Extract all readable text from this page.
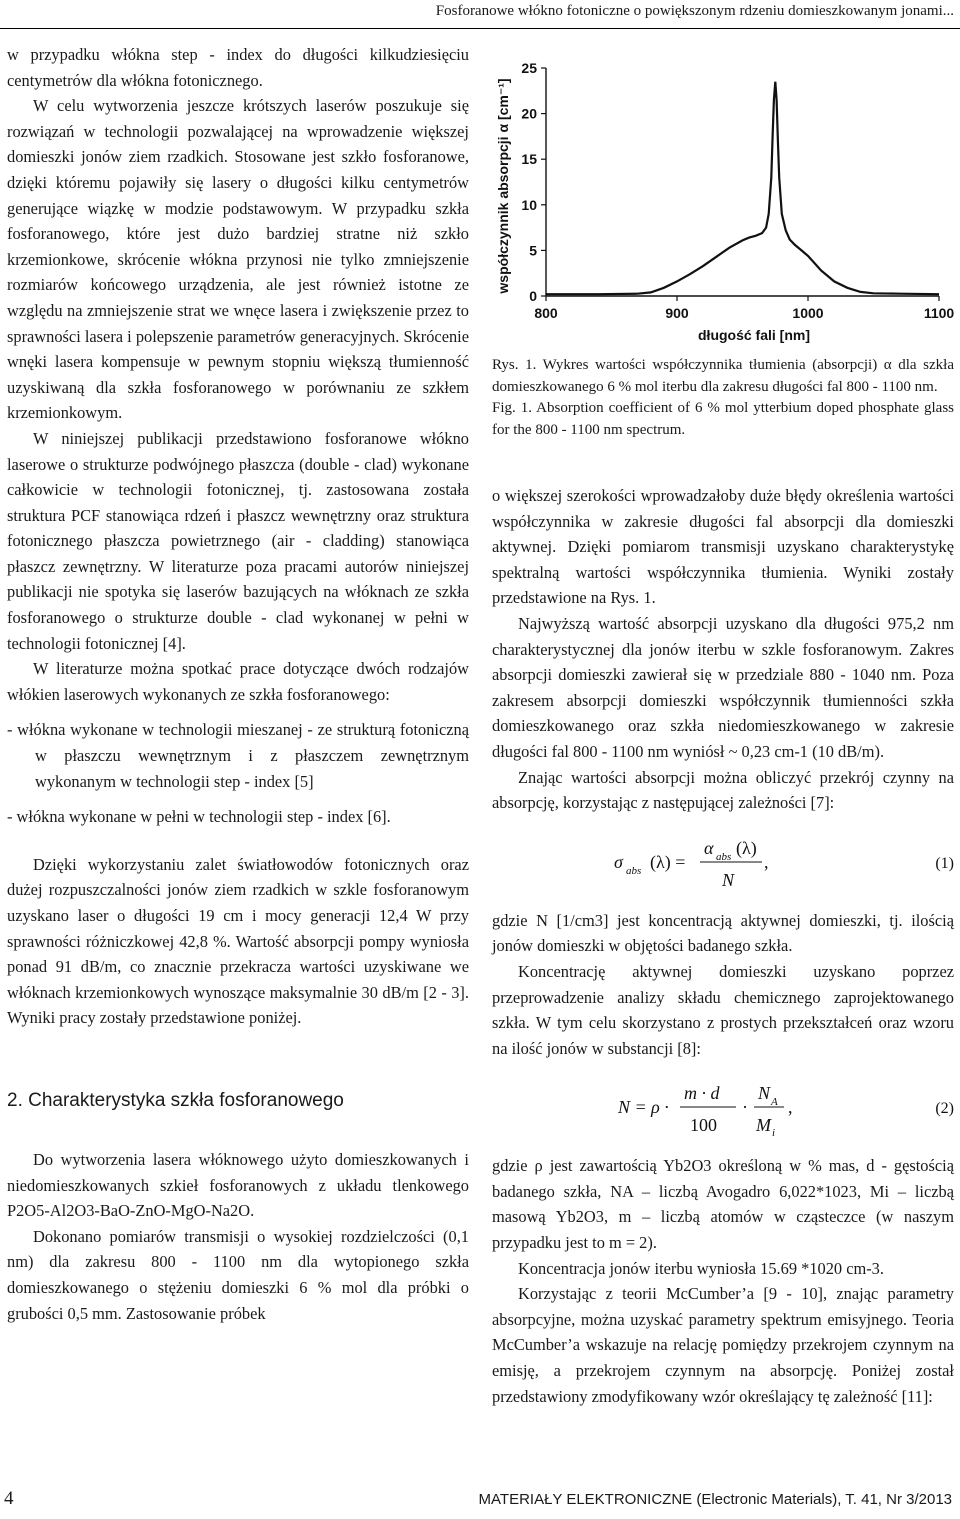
Fosforanowe włókno fotoniczne o powiększonym rdzeniu domieszkowanym jonami...

w przypadku włókna step - index do długości kilkudziesięciu centymetrów dla włókna fotonicznego.

W celu wytworzenia jeszcze krótszych laserów poszukuje się rozwiązań w technologii pozwalającej na wprowadzenie większej domieszki jonów ziem rzadkich. Stosowane jest szkło fosforanowe, dzięki któremu pojawiły się lasery o długości kilku centymetrów generujące wiązkę w modzie podstawowym. W przypadku szkła fosforanowego, które jest dużo bardziej stratne niż szkło krzemionkowe, skrócenie włókna przynosi nie tylko zmniejszenie rozmiarów końcowego urządzenia, ale jest również istotne ze względu na zmniejszenie strat we wnęce lasera i zwiększenie przez to sprawności lasera i polepszenie parametrów generacyjnych. Skrócenie wnęki lasera kompensuje w pewnym stopniu większą tłumienność uzyskiwaną dla szkła fosforanowego w porównaniu ze szkłem krzemionkowym.

W niniejszej publikacji przedstawiono fosforanowe włókno laserowe o strukturze podwójnego płaszcza (double - clad) wykonane całkowicie w technologii fotonicznej, tj. zastosowana została struktura PCF stanowiąca rdzeń i płaszcz wewnętrzny oraz struktura fotonicznego płaszcza powietrznego (air - cladding) stanowiąca płaszcz zewnętrzny. W literaturze poza pracami autorów niniejszej publikacji nie spotyka się laserów bazujących na włóknach ze szkła fosforanowego o strukturze double - clad wykonanej w pełni w technologii fotonicznej [4].

W literaturze można spotkać prace dotyczące dwóch rodzajów włókien laserowych wykonanych ze szkła fosforanowego:

- włókna wykonane w technologii mieszanej - ze strukturą fotoniczną w płaszczu wewnętrznym i z płaszczem zewnętrznym wykonanym w technologii step - index [5]

- włókna wykonane w pełni w technologii step - index [6].

Dzięki wykorzystaniu zalet światłowodów fotonicznych oraz dużej rozpuszczalności jonów ziem rzadkich w szkle fosforanowym uzyskano laser o długości 19 cm i mocy generacji 12,4 W przy sprawności różniczkowej 42,8 %. Wartość absorpcji pompy wyniosła ponad 91 dB/m, co znacznie przekracza wartości uzyskiwane we włóknach krzemionkowych wynoszące maksymalnie 30 dB/m [2 - 3]. Wyniki pracy zostały przedstawione poniżej.

2. Charakterystyka szkła fosforanowego

Do wytworzenia lasera włóknowego użyto domieszkowanych i niedomieszkowanych szkieł fosforanowych z układu tlenkowego P2O5-Al2O3-BaO-ZnO-MgO-Na2O.

Dokonano pomiarów transmisji o wysokiej rozdzielczości (0,1 nm) dla zakresu 800 - 1100 nm dla wytopionego szkła domieszkowanego o stężeniu domieszki 6 % mol dla próbki o grubości 0,5 mm. Zastosowanie próbek

0
5
10
15
20
25
800	900	1000	1100
długość fali [nm]
współczynnik absorpcji α [cm⁻¹]

Rys. 1. Wykres wartości współczynnika tłumienia (absorpcji) α dla szkła domieszkowanego 6 % mol iterbu dla zakresu długości fal 800 - 1100 nm.

Fig. 1. Absorption coefficient of 6 % mol ytterbium doped phosphate glass for the 800 - 1100 nm spectrum.

o większej szerokości wprowadzałoby duże błędy określenia wartości współczynnika w zakresie długości fal absorpcji dla domieszki aktywnej. Dzięki pomiarom transmisji uzyskano charakterystykę spektralną wartości współczynnika tłumienia. Wyniki zostały przedstawione na Rys. 1.

Najwyższą wartość absorpcji uzyskano dla długości 975,2 nm charakterystycznej dla jonów iterbu w szkle fosforanowym. Zakres absorpcji domieszki zawierał się w przedziale 880 - 1040 nm. Poza zakresem absorpcji domieszki współczynnik tłumienności szkła domieszkowanego oraz szkła niedomieszkowanego w zakresie długości fal 800 - 1100 nm wyniósł ~ 0,23 cm-1 (10 dB/m).

Znając wartości absorpcji można obliczyć przekrój czynny na absorpcję, korzystając z następującej zależności [7]:

σ abs (λ) =
α abs (λ)
N
,	(1)

gdzie N [1/cm3] jest koncentracją aktywnej domieszki, tj. ilością jonów domieszki w objętości badanego szkła.

Koncentrację aktywnej domieszki uzyskano poprzez przeprowadzenie analizy składu chemicznego zaprojektowanego szkła. W tym celu skorzystano z prostych przekształceń oraz wzoru na ilość jonów w substancji [8]:

N = ρ ·
m · d
100
·
N A
M i
,	(2)

gdzie ρ jest zawartością Yb2O3 określoną w % mas, d - gęstością badanego szkła, NA – liczbą Avogadro 6,022*1023, Mi – liczbą masową Yb2O3, m – liczbą atomów w cząsteczce (w naszym przypadku jest to m = 2).

Koncentracja jonów iterbu wyniosła 15.69 *1020 cm-3.

Korzystając z teorii McCumber’a [9 - 10], znając parametry absorpcyjne, można uzyskać parametry spektrum emisyjnego. Teoria McCumber’a wskazuje na relację pomiędzy przekrojem czynnym na emisję, a przekrojem czynnym na absorpcję. Poniżej został przedstawiony zmodyfikowany wzór określający tę zależność [11]:

4	MATERIAŁY ELEKTRONICZNE (Electronic Materials), T. 41, Nr 3/2013
